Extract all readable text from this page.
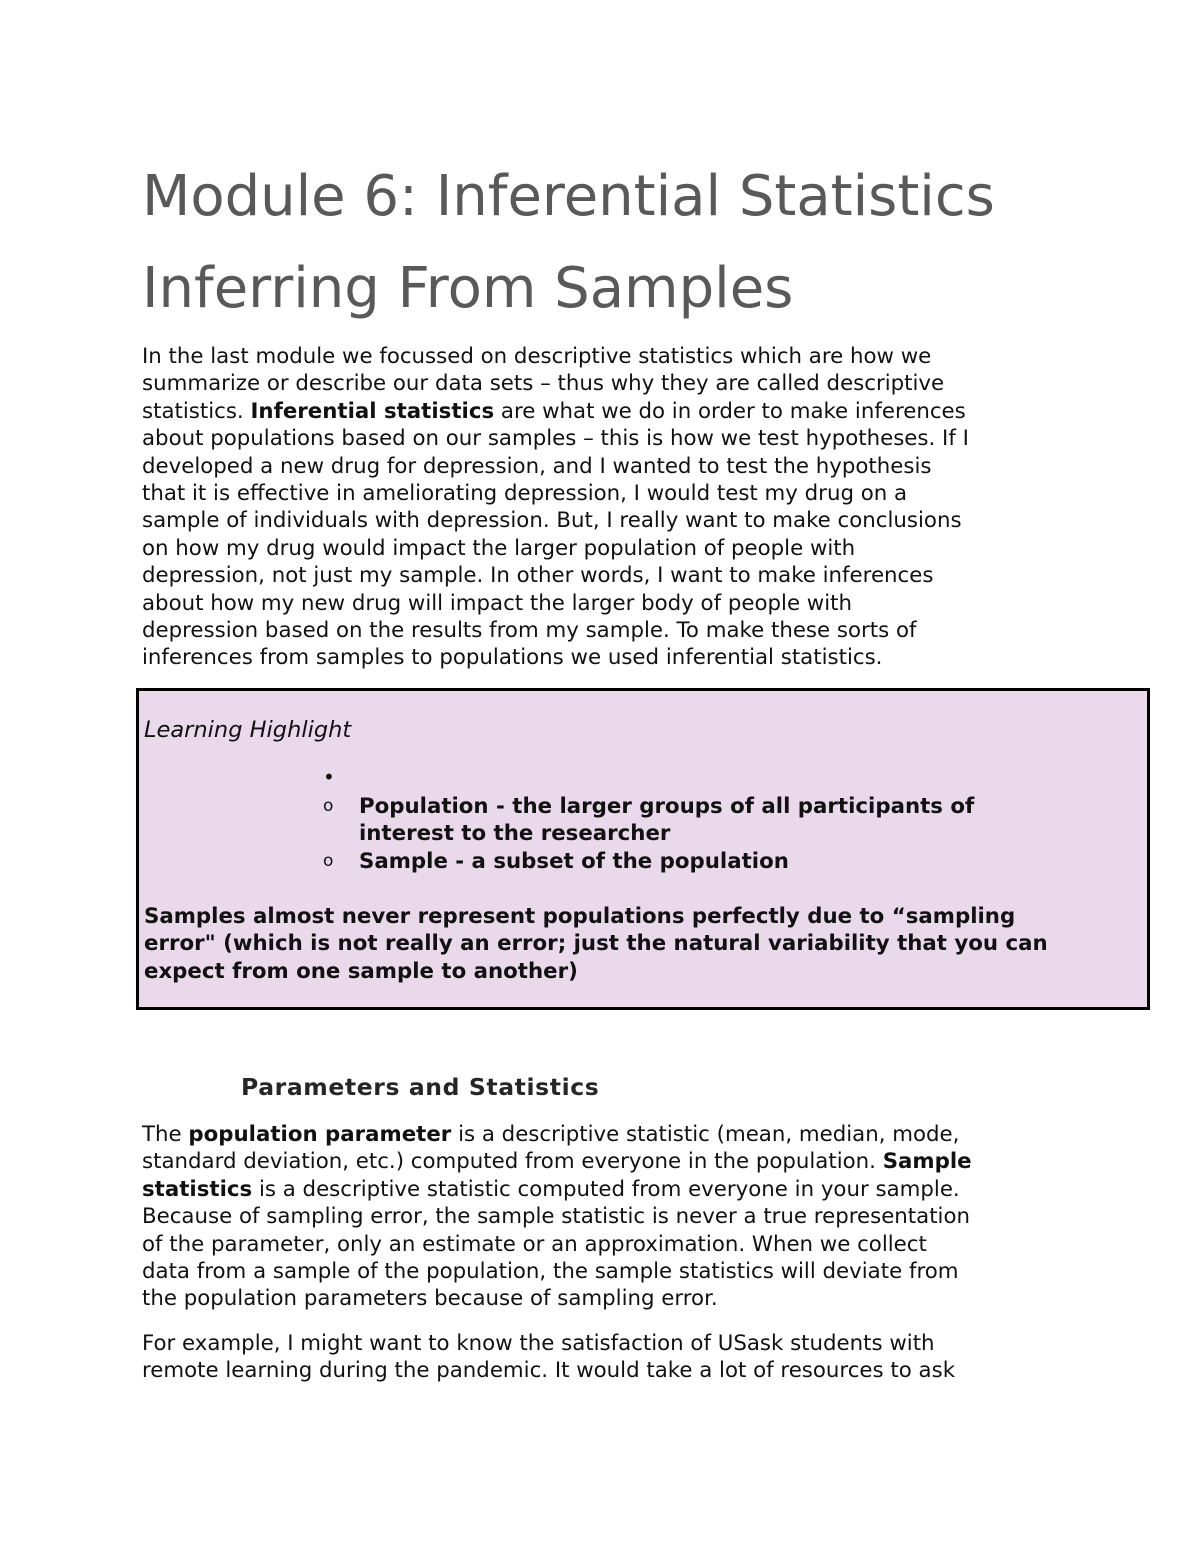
Module 6: Inferential Statistics
Inferring From Samples

In the last module we focussed on descriptive statistics which are how we
summarize or describe our data sets – thus why they are called descriptive
statistics. Inferential statistics are what we do in order to make inferences
about populations based on our samples – this is how we test hypotheses. If I
developed a new drug for depression, and I wanted to test the hypothesis
that it is effective in ameliorating depression, I would test my drug on a
sample of individuals with depression. But, I really want to make conclusions
on how my drug would impact the larger population of people with
depression, not just my sample. In other words, I want to make inferences
about how my new drug will impact the larger body of people with
depression based on the results from my sample. To make these sorts of
inferences from samples to populations we used inferential statistics.

Learning Highlight
•
o Population - the larger groups of all participants of
interest to the researcher
o Sample - a subset of the population
Samples almost never represent populations perfectly due to “sampling
error" (which is not really an error; just the natural variability that you can
expect from one sample to another)
Parameters and Statistics

The population parameter is a descriptive statistic (mean, median, mode,
standard deviation, etc.) computed from everyone in the population. Sample
statistics is a descriptive statistic computed from everyone in your sample.
Because of sampling error, the sample statistic is never a true representation
of the parameter, only an estimate or an approximation. When we collect
data from a sample of the population, the sample statistics will deviate from
the population parameters because of sampling error.

For example, I might want to know the satisfaction of USask students with
remote learning during the pandemic. It would take a lot of resources to ask
